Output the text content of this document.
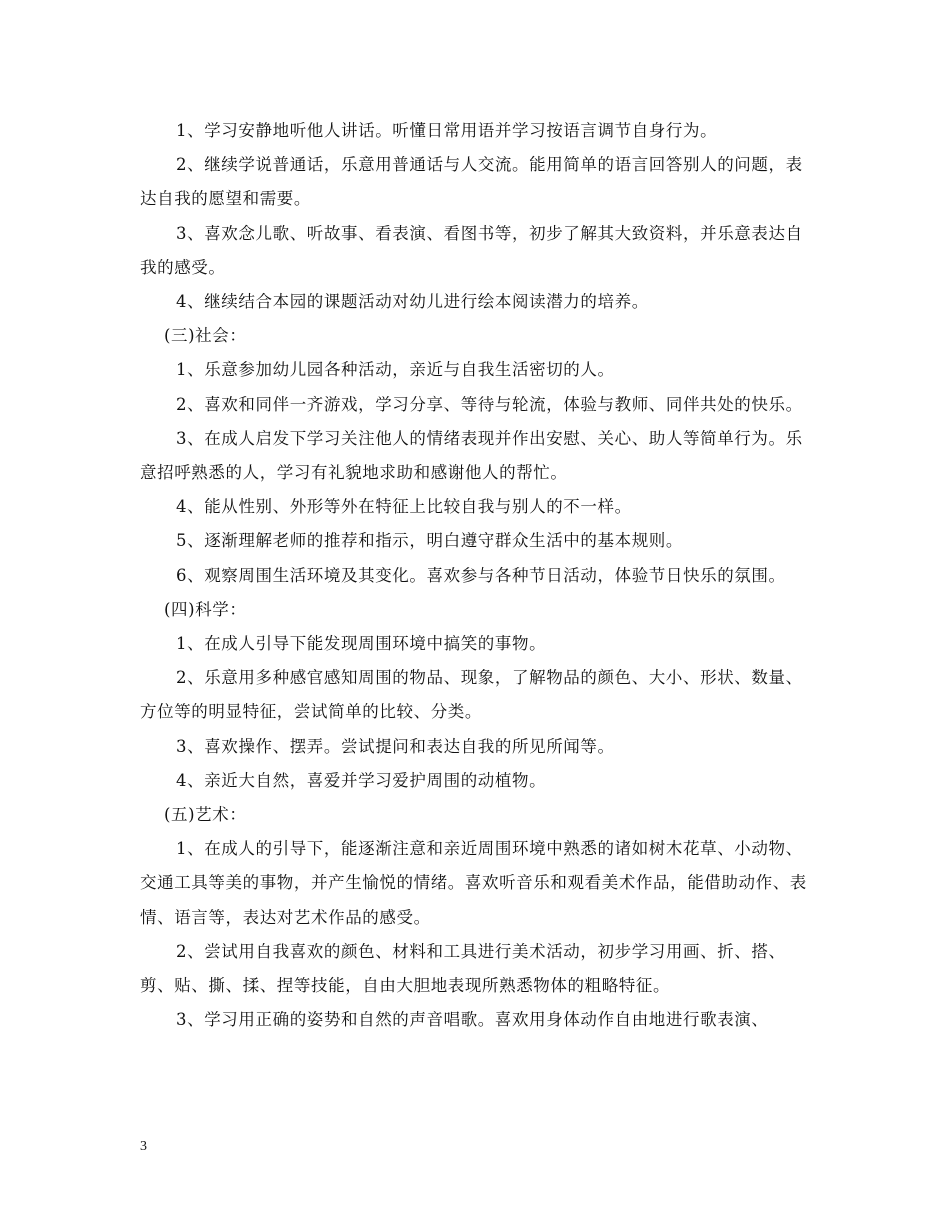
1、学习安静地听他人讲话。听懂日常用语并学习按语言调节自身行为。

2、继续学说普通话，乐意用普通话与人交流。能用简单的语言回答别人的问题，表达自我的愿望和需要。

3、喜欢念儿歌、听故事、看表演、看图书等，初步了解其大致资料，并乐意表达自我的感受。

4、继续结合本园的课题活动对幼儿进行绘本阅读潜力的培养。

(三)社会：

1、乐意参加幼儿园各种活动，亲近与自我生活密切的人。

2、喜欢和同伴一齐游戏，学习分享、等待与轮流，体验与教师、同伴共处的快乐。

3、在成人启发下学习关注他人的情绪表现并作出安慰、关心、助人等简单行为。乐意招呼熟悉的人，学习有礼貌地求助和感谢他人的帮忙。

4、能从性别、外形等外在特征上比较自我与别人的不一样。

5、逐渐理解老师的推荐和指示，明白遵守群众生活中的基本规则。

6、观察周围生活环境及其变化。喜欢参与各种节日活动，体验节日快乐的氛围。

(四)科学：

1、在成人引导下能发现周围环境中搞笑的事物。

2、乐意用多种感官感知周围的物品、现象，了解物品的颜色、大小、形状、数量、方位等的明显特征，尝试简单的比较、分类。

3、喜欢操作、摆弄。尝试提问和表达自我的所见所闻等。

4、亲近大自然，喜爱并学习爱护周围的动植物。

(五)艺术：

1、在成人的引导下，能逐渐注意和亲近周围环境中熟悉的诸如树木花草、小动物、交通工具等美的事物，并产生愉悦的情绪。喜欢听音乐和观看美术作品，能借助动作、表情、语言等，表达对艺术作品的感受。

2、尝试用自我喜欢的颜色、材料和工具进行美术活动，初步学习用画、折、搭、剪、贴、撕、揉、捏等技能，自由大胆地表现所熟悉物体的粗略特征。

3、学习用正确的姿势和自然的声音唱歌。喜欢用身体动作自由地进行歌表演、

3
